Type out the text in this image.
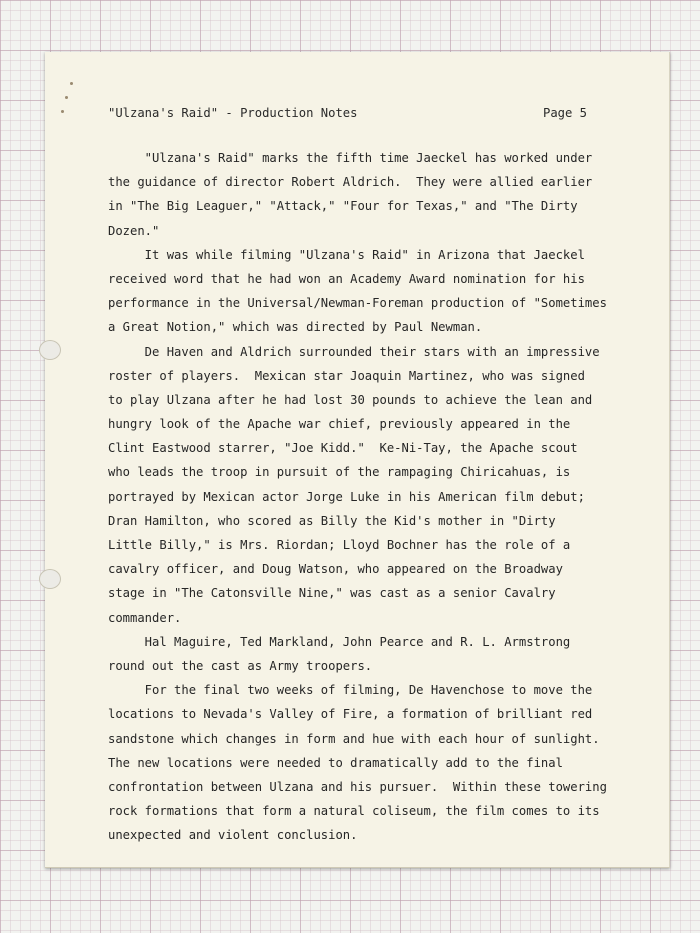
"Ulzana's Raid" - Production Notes	Page 5
"Ulzana's Raid" marks the fifth time Jaeckel has worked under
the guidance of director Robert Aldrich.  They were allied earlier
in "The Big Leaguer," "Attack," "Four for Texas," and "The Dirty
Dozen."
It was while filming "Ulzana's Raid" in Arizona that Jaeckel
received word that he had won an Academy Award nomination for his
performance in the Universal/Newman-Foreman production of "Sometimes
a Great Notion," which was directed by Paul Newman.
De Haven and Aldrich surrounded their stars with an impressive
roster of players.  Mexican star Joaquin Martinez, who was signed
to play Ulzana after he had lost 30 pounds to achieve the lean and
hungry look of the Apache war chief, previously appeared in the
Clint Eastwood starrer, "Joe Kidd."  Ke-Ni-Tay, the Apache scout
who leads the troop in pursuit of the rampaging Chiricahuas, is
portrayed by Mexican actor Jorge Luke in his American film debut;
Dran Hamilton, who scored as Billy the Kid's mother in "Dirty
Little Billy," is Mrs. Riordan; Lloyd Bochner has the role of a
cavalry officer, and Doug Watson, who appeared on the Broadway
stage in "The Catonsville Nine," was cast as a senior Cavalry
commander.
Hal Maguire, Ted Markland, John Pearce and R. L. Armstrong
round out the cast as Army troopers.
For the final two weeks of filming, De Havenchose to move the
locations to Nevada's Valley of Fire, a formation of brilliant red
sandstone which changes in form and hue with each hour of sunlight.
The new locations were needed to dramatically add to the final
confrontation between Ulzana and his pursuer.  Within these towering
rock formations that form a natural coliseum, the film comes to its
unexpected and violent conclusion.
